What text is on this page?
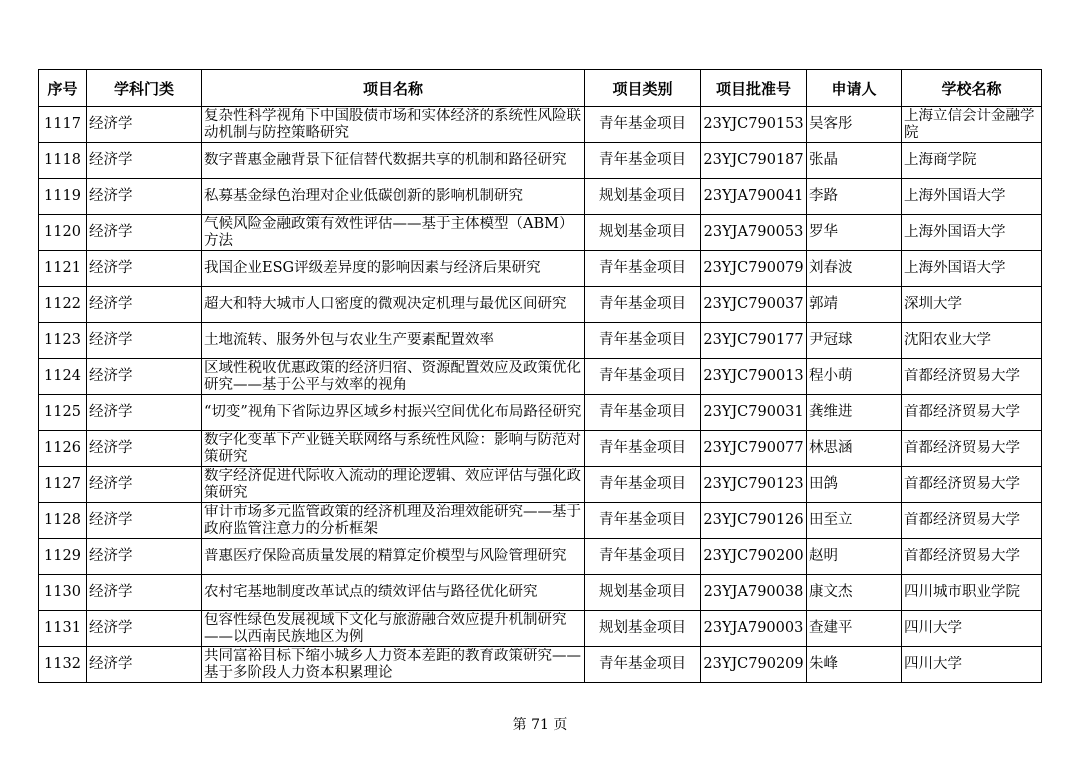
序号	学科门类	项目名称	项目类别	项目批准号	申请人	学校名称
1117	经济学	复杂性科学视角下中国股债市场和实体经济的系统性风险联动机制与防控策略研究	青年基金项目	23YJC790153	吴客彤	上海立信会计金融学院

1118	经济学	数字普惠金融背景下征信替代数据共享的机制和路径研究	青年基金项目	23YJC790187	张晶	上海商学院

1119	经济学	私募基金绿色治理对企业低碳创新的影响机制研究	规划基金项目	23YJA790041	李路	上海外国语大学

1120	经济学	气候风险金融政策有效性评估——基于主体模型（ABM）方法	规划基金项目	23YJA790053	罗华	上海外国语大学

1121	经济学	我国企业ESG评级差异度的影响因素与经济后果研究	青年基金项目	23YJC790079	刘春波	上海外国语大学

1122	经济学	超大和特大城市人口密度的微观决定机理与最优区间研究	青年基金项目	23YJC790037	郭靖	深圳大学

1123	经济学	土地流转、服务外包与农业生产要素配置效率	青年基金项目	23YJC790177	尹冠球	沈阳农业大学

1124	经济学	区域性税收优惠政策的经济归宿、资源配置效应及政策优化研究——基于公平与效率的视角	青年基金项目	23YJC790013	程小萌	首都经济贸易大学

1125	经济学	“切变”视角下省际边界区域乡村振兴空间优化布局路径研究	青年基金项目	23YJC790031	龚维进	首都经济贸易大学

1126	经济学	数字化变革下产业链关联网络与系统性风险：影响与防范对策研究	青年基金项目	23YJC790077	林思涵	首都经济贸易大学

1127	经济学	数字经济促进代际收入流动的理论逻辑、效应评估与强化政策研究	青年基金项目	23YJC790123	田鸽	首都经济贸易大学

1128	经济学	审计市场多元监管政策的经济机理及治理效能研究——基于政府监管注意力的分析框架	青年基金项目	23YJC790126	田至立	首都经济贸易大学

1129	经济学	普惠医疗保险高质量发展的精算定价模型与风险管理研究	青年基金项目	23YJC790200	赵明	首都经济贸易大学

1130	经济学	农村宅基地制度改革试点的绩效评估与路径优化研究	规划基金项目	23YJA790038	康文杰	四川城市职业学院

1131	经济学	包容性绿色发展视域下文化与旅游融合效应提升机制研究——以西南民族地区为例	规划基金项目	23YJA790003	查建平	四川大学

1132	经济学	共同富裕目标下缩小城乡人力资本差距的教育政策研究——基于多阶段人力资本积累理论	青年基金项目	23YJC790209	朱峰	四川大学
第 71 页
